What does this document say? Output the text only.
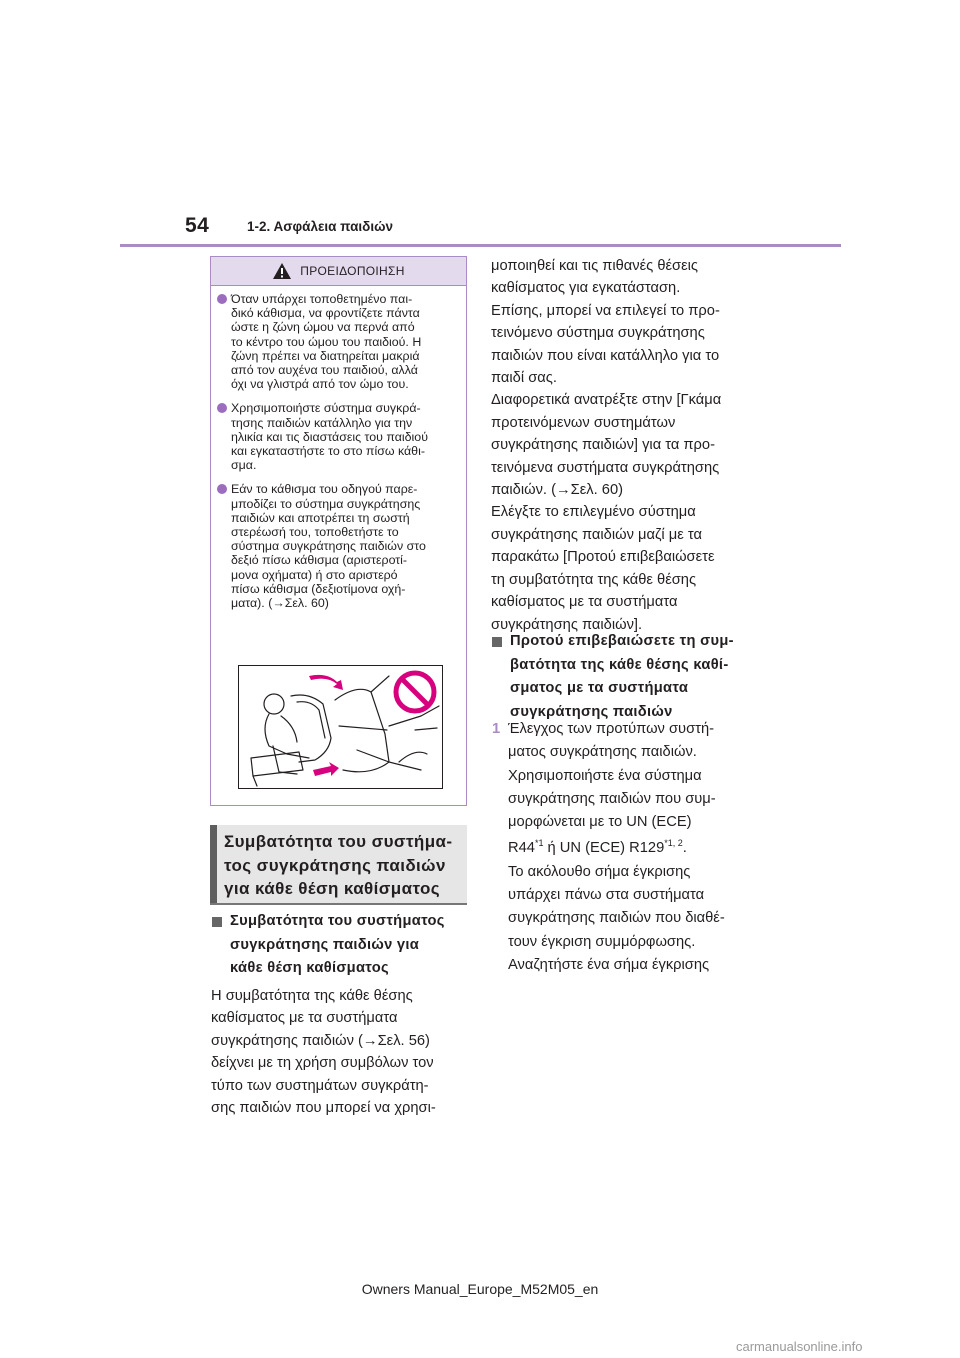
54	1-2. Ασφάλεια παιδιών
ΠΡΟΕΙΔΟΠΟΙΗΣΗ
Όταν υπάρχει τοποθετημένο παι-
δικό κάθισμα, να φροντίζετε πάντα
ώστε η ζώνη ώμου να περνά από
το κέντρο του ώμου του παιδιού. Η
ζώνη πρέπει να διατηρείται μακριά
από τον αυχένα του παιδιού, αλλά
όχι να γλιστρά από τον ώμο του.
Χρησιμοποιήστε σύστημα συγκρά-
τησης παιδιών κατάλληλο για την
ηλικία και τις διαστάσεις του παιδιού
και εγκαταστήστε το στο πίσω κάθι-
σμα.
Εάν το κάθισμα του οδηγού παρε-
μποδίζει το σύστημα συγκράτησης
παιδιών και αποτρέπει τη σωστή
στερέωσή του, τοποθετήστε το
σύστημα συγκράτησης παιδιών στο
δεξιό πίσω κάθισμα (αριστεροτί-
μονα οχήματα) ή στο αριστερό
πίσω κάθισμα (δεξιοτίμονα οχή-
ματα). (→Σελ. 60)
Συμβατότητα του συστήμα-
τος συγκράτησης παιδιών
για κάθε θέση καθίσματος
Συμβατότητα του συστήματος
συγκράτησης παιδιών για
κάθε θέση καθίσματος
Η συμβατότητα της κάθε θέσης
καθίσματος με τα συστήματα
συγκράτησης παιδιών (→Σελ. 56)
δείχνει με τη χρήση συμβόλων τον
τύπο των συστημάτων συγκράτη-
σης παιδιών που μπορεί να χρησι-
μοποιηθεί και τις πιθανές θέσεις
καθίσματος για εγκατάσταση.
Επίσης, μπορεί να επιλεγεί το προ-
τεινόμενο σύστημα συγκράτησης
παιδιών που είναι κατάλληλο για το
παιδί σας.
Διαφορετικά ανατρέξτε στην [Γκάμα
προτεινόμενων συστημάτων
συγκράτησης παιδιών] για τα προ-
τεινόμενα συστήματα συγκράτησης
παιδιών. (→Σελ. 60)
Ελέγξτε το επιλεγμένο σύστημα
συγκράτησης παιδιών μαζί με τα
παρακάτω [Προτού επιβεβαιώσετε
τη συμβατότητα της κάθε θέσης
καθίσματος με τα συστήματα
συγκράτησης παιδιών].
Προτού επιβεβαιώσετε τη συμ-
βατότητα της κάθε θέσης καθί-
σματος με τα συστήματα
συγκράτησης παιδιών
1 Έλεγχος των προτύπων συστή-
ματος συγκράτησης παιδιών.
Χρησιμοποιήστε ένα σύστημα
συγκράτησης παιδιών που συμ-
μορφώνεται με το UN (ECE)
R44$^{*1}$ ή UN (ECE) R129$^{*1, 2}$.
Το ακόλουθο σήμα έγκρισης
υπάρχει πάνω στα συστήματα
συγκράτησης παιδιών που διαθέ-
τουν έγκριση συμμόρφωσης.
Αναζητήστε ένα σήμα έγκρισης
Owners Manual_Europe_M52M05_en
carmanualsonline.info
